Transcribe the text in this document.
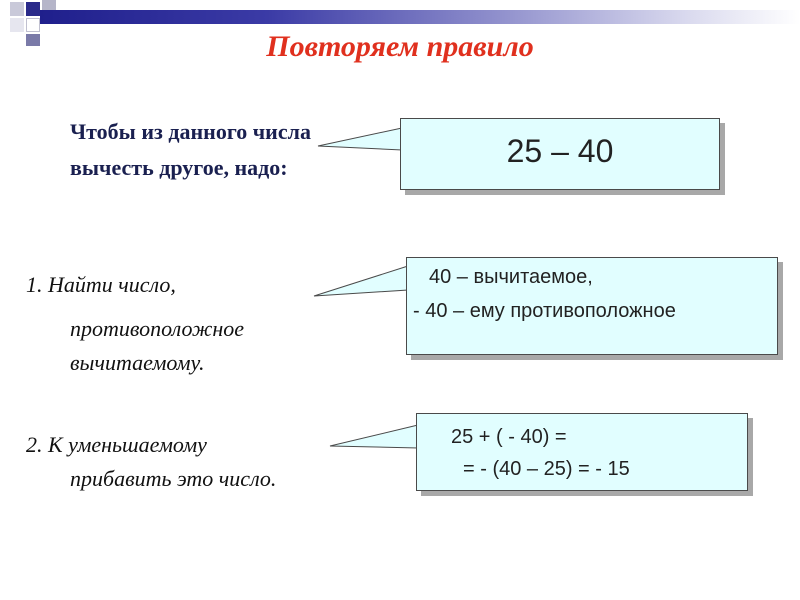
Повторяем правило
Чтобы из данного числа вычесть другое, надо:
1. Найти число,
противоположное вычитаемому.
2. К уменьшаемому
прибавить это число.
25 – 40
40 – вычитаемое,
- 40 – ему противоположное
25 + ( - 40) =
= - (40 – 25) = - 15
